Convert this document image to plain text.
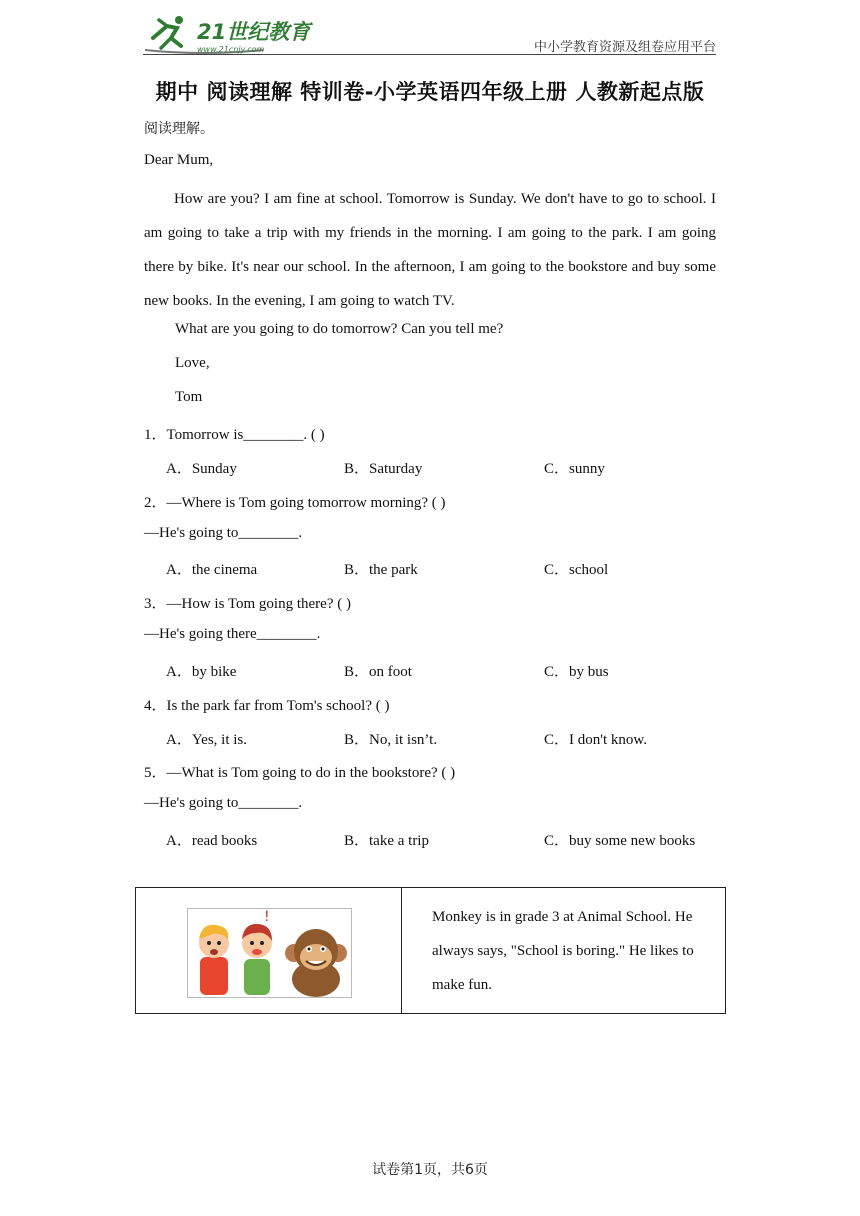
21世纪教育
www.21cnjy.com	中小学教育资源及组卷应用平台
期中 阅读理解 特训卷-小学英语四年级上册 人教新起点版
阅读理解。
Dear Mum,
How are you? I am fine at school. Tomorrow is Sunday. We don't have to go to school. I am going to take a trip with my friends in the morning. I am going to the park. I am going there by bike. It's near our school. In the afternoon, I am going to the bookstore and buy some new books. In the evening, I am going to watch TV.
What are you going to do tomorrow? Can you tell me?
Love,
Tom
1．Tomorrow is________. ( )
A．Sunday	B．Saturday	C．sunny
2．—Where is Tom going tomorrow morning? ( )
—He's going to________.
A．the cinema	B．the park	C．school
3．—How is Tom going there? ( )
—He's going there________.
A．by bike	B．on foot	C．by bus
4．Is the park far from Tom's school? ( )
A．Yes, it is.	B．No, it isn’t.	C．I don't know.
5．—What is Tom going to do in the bookstore? ( )
—He's going to________.
A．read books	B．take a trip	C．buy some new books
!	Monkey is in grade 3 at Animal School. He always says, "School is boring." He likes to make fun.
试卷第1页，共6页
